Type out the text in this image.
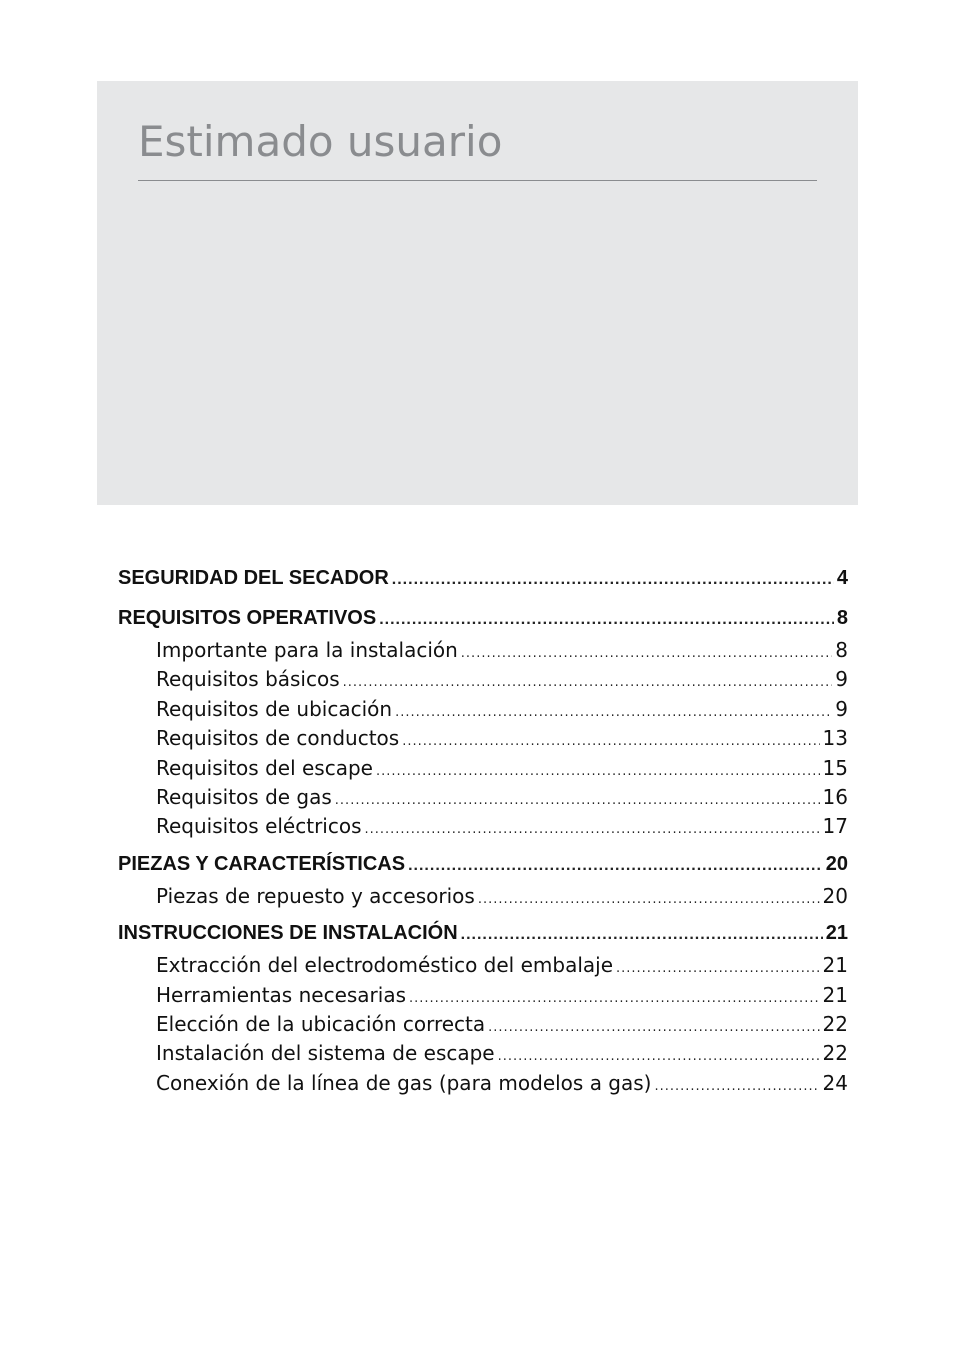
Estimado usuario
SEGURIDAD DEL SECADOR .....	4
REQUISITOS OPERATIVOS .....	8
Importante para la instalación .....	8
Requisitos básicos .....	9
Requisitos de ubicación .....	9
Requisitos de conductos .....	13
Requisitos del escape .....	15
Requisitos de gas .....	16
Requisitos eléctricos .....	17
PIEZAS Y CARACTERÍSTICAS .....	20
Piezas de repuesto y accesorios .....	20
INSTRUCCIONES DE INSTALACIÓN .....	21
Extracción del electrodoméstico del embalaje .....	21
Herramientas necesarias .....	21
Elección de la ubicación correcta .....	22
Instalación del sistema de escape .....	22
Conexión de la línea de gas (para modelos a gas) .....	24
